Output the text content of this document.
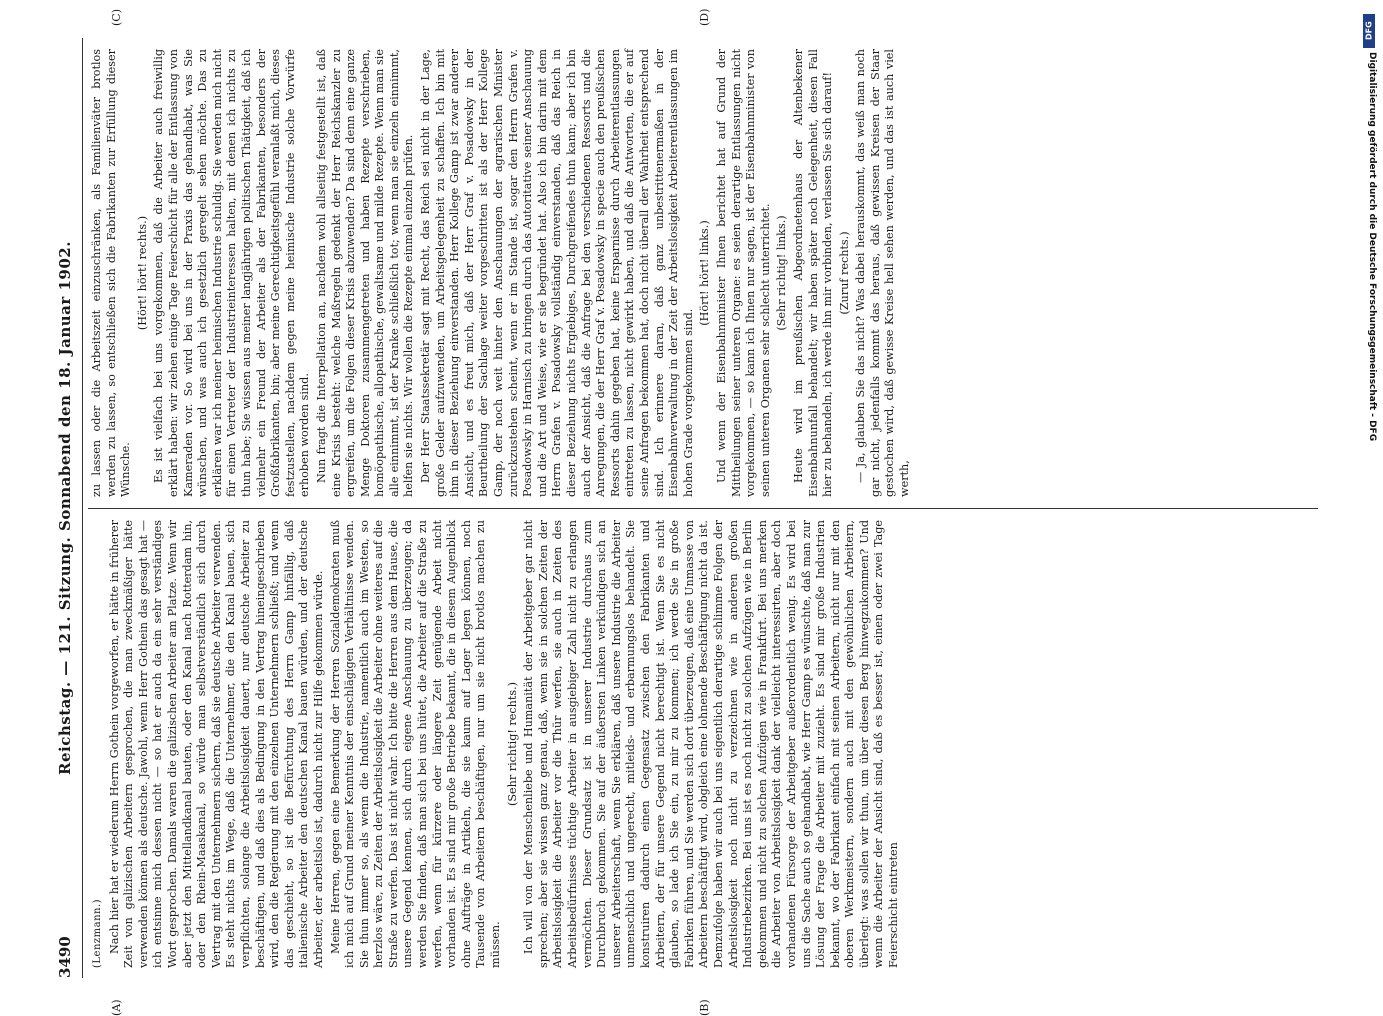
3490
Reichstag. — 121. Sitzung. Sonnabend den 18. Januar 1902.
(A)	(B)
(C)	(D)

(Lenzmann.) Nach hier hat er wiederum Herrn Gothein vorgeworfen, er hätte in früherer Zeit von galizischen Arbeitern gesprochen, die man zweckmäßiger hätte verwenden können als deutsche. Jawohl, wenn Herr Gothein das gesagt hat — ich entsinne mich dessen nicht — so hat er auch da ein sehr verständiges Wort gesprochen. Damals waren die galizischen Arbeiter am Platze. Wenn wir aber jetzt den Mittellandkanal bauten, oder den Kanal nach Rotterdam hin, oder den Rhein-Maaskanal, so würde man selbstverständlich sich durch Vertrag mit den Unternehmern sichern, daß sie deutsche Arbeiter verwenden. Es steht nichts im Wege, daß die Unternehmer, die den Kanal bauen, sich verpflichten, solange die Arbeitslosigkeit dauert, nur deutsche Arbeiter zu beschäftigen, und daß dies als Bedingung in den Vertrag hineingeschrieben wird, den die Regierung mit den einzelnen Unternehmern schließt; und wenn das geschieht, so ist die Befürchtung des Herrn Gamp hinfällig, daß italienische Arbeiter den deutschen Kanal bauen würden, und der deutsche Arbeiter, der arbeitslos ist, dadurch nicht zur Hilfe gekommen würde. Meine Herren, gegen eine Bemerkung der Herren Sozialdemokraten muß ich mich auf Grund meiner Kenntnis der einschlägigen Verhältnisse wenden. Sie thun immer so, als wenn die Industrie, namentlich auch im Westen, so herzlos wäre, zu Zeiten der Arbeitslosigkeit die Arbeiter ohne weiteres auf die Straße zu werfen. Das ist nicht wahr. Ich bitte die Herren aus dem Hause, die unsere Gegend kennen, sich durch eigene Anschauung zu überzeugen; da werden Sie finden, daß man sich bei uns hütet, die Arbeiter auf die Straße zu werfen, wenn für kürzere oder längere Zeit genügende Arbeit nicht vorhanden ist. Es sind mir große Betriebe bekannt, die in diesem Augenblick ohne Aufträge in Artikeln, die sie kaum auf Lager legen können, noch Tausende von Arbeitern beschäftigen, nur um sie nicht brotlos machen zu müssen.

(Sehr richtig! rechts.) Ich will von der Menschenliebe und Humanität der Arbeitgeber gar nicht sprechen; aber sie wissen ganz genau, daß, wenn sie in solchen Zeiten der Arbeitslosigkeit die Arbeiter vor die Thür werfen, sie auch in Zeiten des Arbeitsbedürfnisses tüchtige Arbeiter in ausgiebiger Zahl nicht zu erlangen vermöchten. Dieser Grundsatz ist in unserer Industrie durchaus zum Durchbruch gekommen. Sie auf der äußersten Linken verkündigen sich an unserer Arbeiterschaft, wenn Sie erklären, daß unsere Industrie die Arbeiter unmenschlich und ungerecht, mitleids- und erbarmungslos behandelt. Sie konstruiren dadurch einen Gegensatz zwischen den Fabrikanten und Arbeitern, der für unsere Gegend nicht berechtigt ist. Wenn Sie es nicht glauben, so lade ich Sie ein, zu mir zu kommen; ich werde Sie in große Fabriken führen, und Sie werden sich dort überzeugen, daß eine Unmasse von Arbeitern beschäftigt wird, obgleich eine lohnende Beschäftigung nicht da ist. Demzufolge haben wir auch bei uns eigentlich derartige schlimme Folgen der Arbeitslosigkeit noch nicht zu verzeichnen wie in anderen großen Industriebezirken. Bei uns ist es noch nicht zu solchen Aufzügen wie in Berlin gekommen und nicht zu solchen Aufzügen wie in Frankfurt. Bei uns merken die Arbeiter von Arbeitslosigkeit dank der vielleicht interessirten, aber doch vorhandenen Fürsorge der Arbeitgeber außerordentlich wenig. Es wird bei uns die Sache auch so gehandhabt, wie Herr Gamp es wünschte, daß man zur Lösung der Frage die Arbeiter mit zuzieht. Es sind mir große Industrien bekannt, wo der Fabrikant einfach mit seinen Arbeitern, nicht nur mit den oberen Werkmeistern, sondern auch mit den gewöhnlichen Arbeitern, überlegt: was sollen wir thun, um über diesen Berg hinwegzukommen? Und wenn die Arbeiter der Ansicht sind, daß es besser ist, einen oder zwei Tage Feierschicht eintreten

zu lassen oder die Arbeitszeit einzuschränken, als Familienväter brotlos werden zu lassen, so entschließen sich die Fabrikanten zur Erfüllung dieser Wünsche.

(Hört! hört! rechts.) Es ist vielfach bei uns vorgekommen, daß die Arbeiter auch freiwillig erklärt haben: wir ziehen einige Tage Feierschicht für alle der Entlassung von Kameraden vor. So wird bei uns in der Praxis das gehandhabt, was Sie wünschen, und was auch ich gesetzlich geregelt sehen möchte. Das zu erklären war ich meiner heimischen Industrie schuldig. Sie werden mich nicht für einen Vertreter der Industrieinteressen halten, mit denen ich nichts zu thun habe; Sie wissen aus meiner langjährigen politischen Thätigkeit, daß ich vielmehr ein Freund der Arbeiter als der Fabrikanten, besonders der Großfabrikanten, bin; aber meine Gerechtigkeitsgefühl veranlaßt mich, dieses festzustellen, nachdem gegen meine heimische Industrie solche Vorwürfe erhoben worden sind. Nun fragt die Interpellation an, nachdem wohl allseitig festgestellt ist, daß eine Krisis besteht: welche Maßregeln gedenkt der Herr Reichskanzler zu ergreifen, um die Folgen dieser Krisis abzuwenden? Da sind denn eine ganze Menge Doktoren zusammengetreten und haben Rezepte verschrieben, homöopathische, allopathische, gewaltsame und milde Rezepte. Wenn man sie alle einnimmt, ist der Kranke schließlich tot; wenn man sie einzeln einnimmt, helfen sie nichts. Wir wollen die Rezepte einmal einzeln prüfen. Der Herr Staatssekretär sagt mit Recht, das Reich sei nicht in der Lage, große Gelder aufzuwenden, um Arbeitsgelegenheit zu schaffen. Ich bin mit ihm in dieser Beziehung einverstanden. Herr Kollege Gamp ist zwar anderer Ansicht, und es freut mich, daß der Herr Graf v. Posadowsky in der Beurtheilung der Sachlage weiter vorgeschritten ist als der Herr Kollege Gamp, der noch weit hinter den Anschauungen der agrarischen Minister zurückzustehen scheint, wenn er im Stande ist, sogar den Herrn Grafen v. Posadowsky in Harnisch zu bringen durch das Autoritative seiner Anschauung und die Art und Weise, wie er sie begründet hat. Also ich bin darin mit dem Herrn Grafen v. Posadowsky vollständig einverstanden, daß das Reich in dieser Beziehung nichts Ergiebiges, Durchgreifendes thun kann; aber ich bin auch der Ansicht, daß die Anfrage bei den verschiedenen Ressorts und die Anregungen, die der Herr Graf v. Posadowsky in specie auch den preußischen Ressorts dahin gegeben hat, keine Ersparnisse durch Arbeiterentlassungen eintreten zu lassen, nicht gewirkt haben, und daß die Antworten, die er auf seine Anfragen bekommen hat, doch nicht überall der Wahrheit entsprechend sind. Ich erinnere daran, daß ganz unbestrittenermaßen in der Eisenbahnverwaltung in der Zeit der Arbeitslosigkeit Arbeiterentlassungen im hohen Grade vorgekommen sind.

(Hört! hört! links.) Und wenn der Eisenbahnminister Ihnen berichtet hat auf Grund der Mittheilungen seiner unteren Organe: es seien derartige Entlassungen nicht vorgekommen, — so kann ich Ihnen nur sagen, ist der Eisenbahnminister von seinen unteren Organen sehr schlecht unterrichtet. (Sehr richtig! links.) Heute wird im preußischen Abgeordnetenhaus der Altenbekener Eisenbahnunfall behandelt; wir haben später noch Gelegenheit, diesen Fall hier zu behandeln, ich werde ihn mir vorbinden, verlassen Sie sich darauf! (Zuruf rechts.) — Ja, glauben Sie das nicht? Was dabei herauskommt, das weiß man noch gar nicht, jedenfalls kommt das heraus, daß gewissen Kreisen der Staar gestochen wird, daß gewisse Kreise hell sehen werden, und das ist auch viel werth,

DFG
Digitalisierung gefördert durch die Deutsche Forschungsgemeinschaft - DFG
